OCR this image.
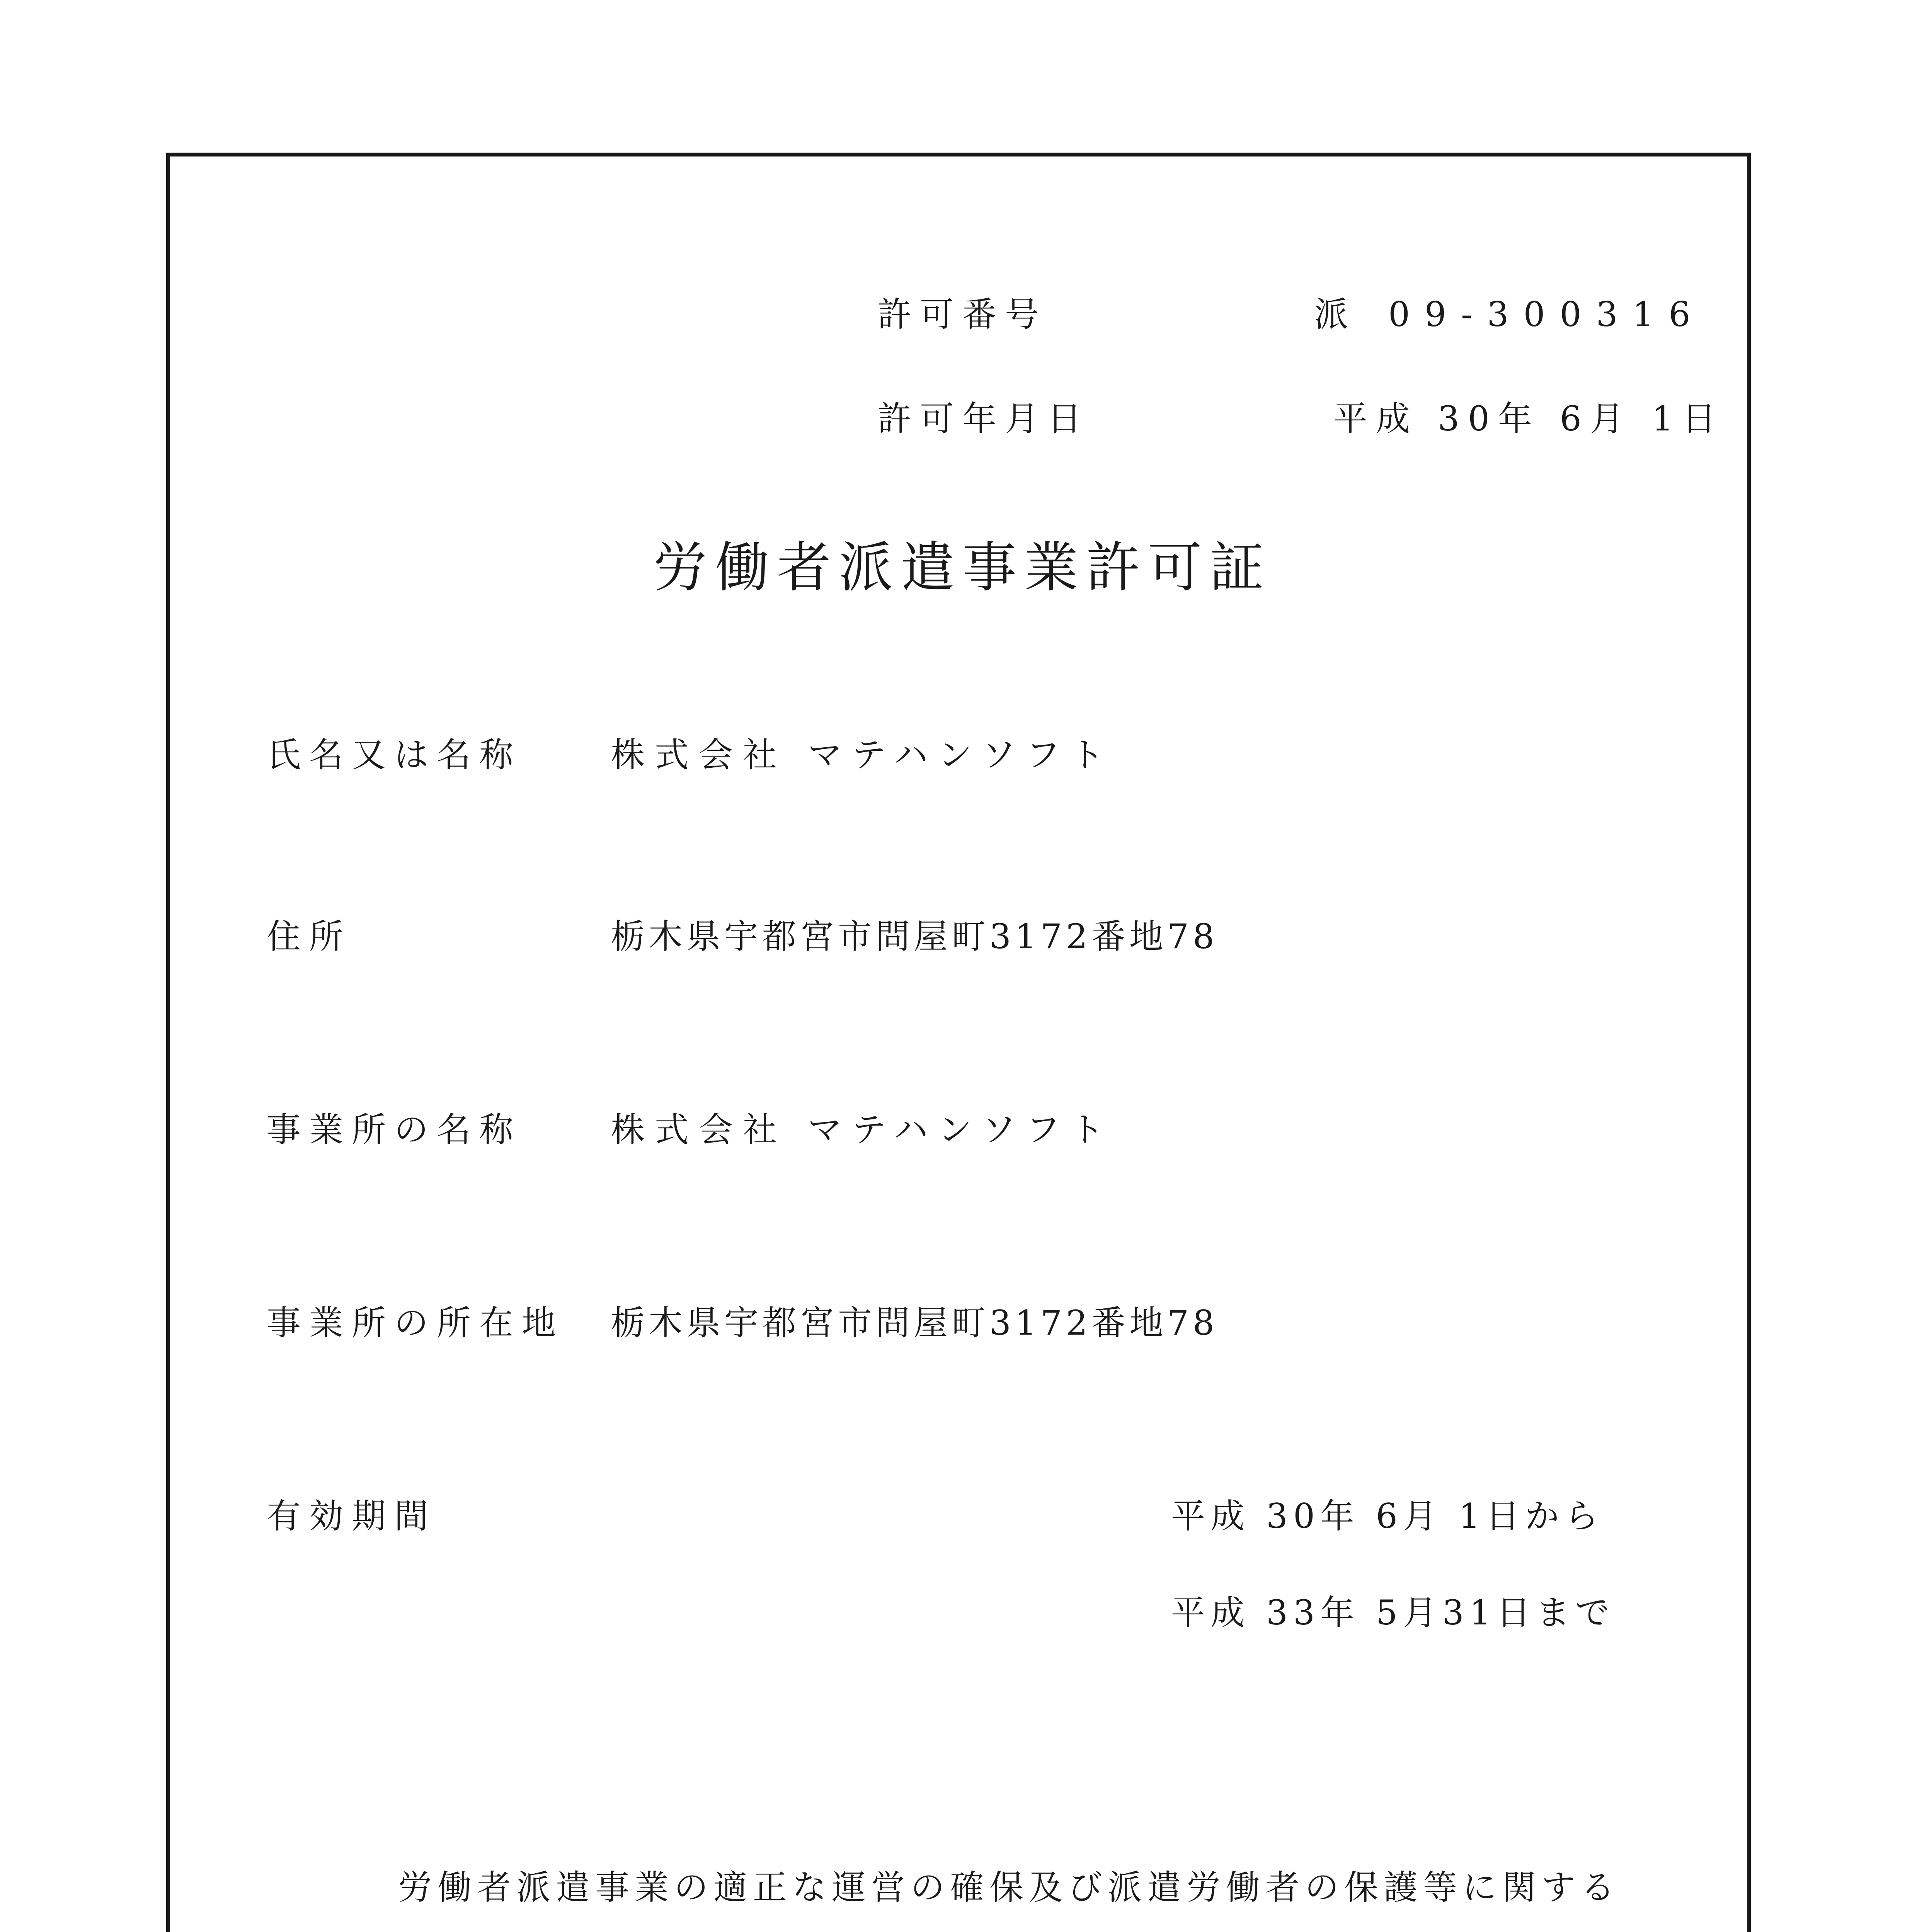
許可番号	派 09-300316
許可年月日	平成 30年 6月 1日
労働者派遣事業許可証
氏名又は名称	株式会社 マテハンソフト
住所	栃木県宇都宮市問屋町3172番地78
事業所の名称	株式会社 マテハンソフト
事業所の所在地 栃木県宇都宮市問屋町3172番地78
有効期間	平成 30年 6月 1日から
平成 33年 5月31日まで
労働者派遣事業の適正な運営の確保及び派遣労働者の保護等に関する
